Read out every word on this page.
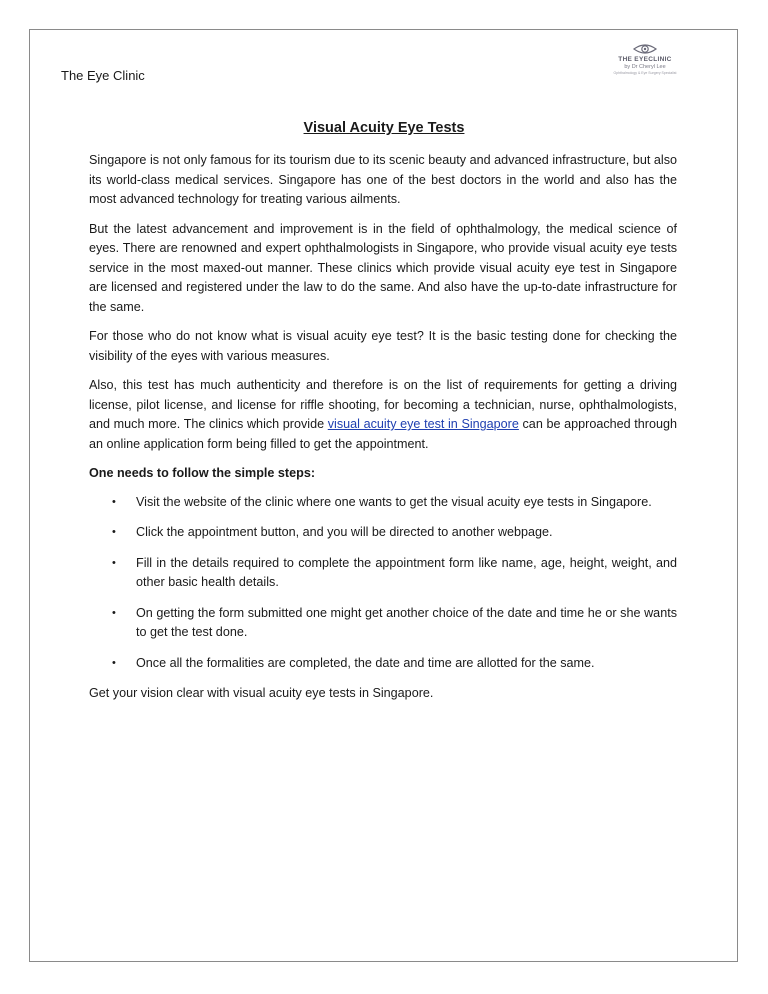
The Eye Clinic
THE EYECLINIC
by Dr Cheryl Lee
Ophthalmology & Eye Surgery Specialist
Visual Acuity Eye Tests

Singapore is not only famous for its tourism due to its scenic beauty and advanced infrastructure, but also its world-class medical services. Singapore has one of the best doctors in the world and also has the most advanced technology for treating various ailments.

But the latest advancement and improvement is in the field of ophthalmology, the medical science of eyes. There are renowned and expert ophthalmologists in Singapore, who provide visual acuity eye tests service in the most maxed-out manner. These clinics which provide visual acuity eye test in Singapore are licensed and registered under the law to do the same. And also have the up-to-date infrastructure for the same.

For those who do not know what is visual acuity eye test? It is the basic testing done for checking the visibility of the eyes with various measures.

Also, this test has much authenticity and therefore is on the list of requirements for getting a driving license, pilot license, and license for riffle shooting, for becoming a technician, nurse, ophthalmologists, and much more. The clinics which provide visual acuity eye test in Singapore can be approached through an online application form being filled to get the appointment.

One needs to follow the simple steps:

• Visit the website of the clinic where one wants to get the visual acuity eye tests in Singapore.
• Click the appointment button, and you will be directed to another webpage.
• Fill in the details required to complete the appointment form like name, age, height, weight, and other basic health details.
• On getting the form submitted one might get another choice of the date and time he or she wants to get the test done.
• Once all the formalities are completed, the date and time are allotted for the same.

Get your vision clear with visual acuity eye tests in Singapore.
